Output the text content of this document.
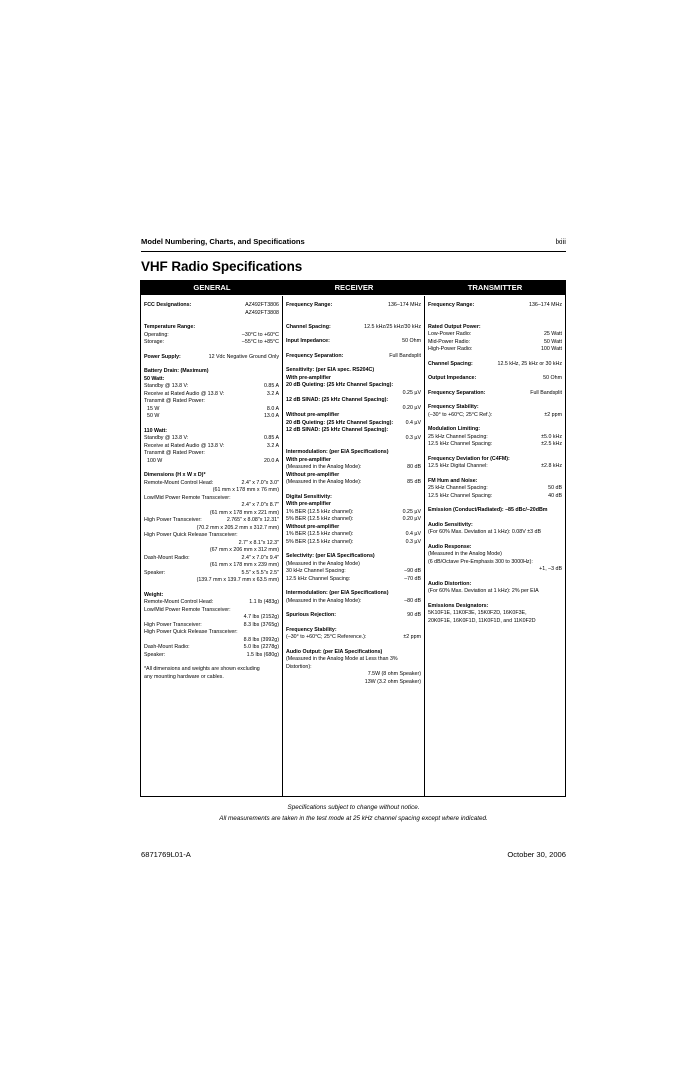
Model Numbering, Charts, and Specifications	lxiii
VHF Radio Specifications
GENERAL	RECEIVER	TRANSMITTER
FCC Designations:	AZ492FT3806

AZ492FT3808
Temperature Range:
Operating:	–30°C to +60°C
Storage:	–55°C to +85°C
Power Supply:	12 Vdc Negative Ground Only
Battery Drain: (Maximum)
50 Watt:
Standby @ 13.8 V:	0.85 A
Receive at Rated Audio @ 13.8 V:	3.2 A
Transmit @ Rated Power:
15 W	8.0 A
50 W	13.0 A
110 Watt:
Standby @ 13.8 V:	0.85 A
Receive at Rated Audio @ 13.8 V:	3.2 A
Transmit @ Rated Power:
100 W	20.0 A
Dimensions (H x W x D)*
Remote-Mount Control Head:	2.4" x 7.0"x 3.0"

(61 mm x 178 mm x 76 mm)
Low/Mid Power Remote Transceiver:

2.4" x 7.0"x 8.7"

(61 mm x 178 mm x 221 mm)
High Power Transceiver:	2.765" x 8.08"x 12.31"

(70.2 mm x 205.2 mm x 312.7 mm)
High Power Quick Release Transceiver:

2.7" x 8.1"x 12.3"

(67 mm x 206 mm x 312 mm)
Dash-Mount Radio:	2.4" x 7.0"x 9.4"

(61 mm x 178 mm x 239 mm)
Speaker:	5.5" x 5.5"x 2.5"

(139.7 mm x 139.7 mm x 63.5 mm)
Weight:
Remote-Mount Control Head:	1.1 lb (483g)
Low/Mid Power Remote Transceiver:

4.7 lbs (2152g)
High Power Transceiver:	8.3 lbs (3765g)
High Power Quick Release Transceiver:

8.8 lbs (3992g)
Dash-Mount Radio:	5.0 lbs (2278g)
Speaker:	1.5 lbs (680g)
*All dimensions and weights are shown excluding
any mounting hardware or cables.
Frequency Range:	136–174 MHz
Channel Spacing:	12.5 kHz/25 kHz/30 kHz
Input Impedance:	50 Ohm
Frequency Separation:	Full Bandsplit
Sensitivity: (per EIA spec. RS204C)
With pre-amplifier
20 dB Quieting: (25 kHz Channel Spacing):

0.25 µV
12 dB SINAD: (25 kHz Channel Spacing):

0.20 µV
Without pre-amplifier
20 dB Quieting: (25 kHz Channel Spacing):	0.4 µV
12 dB SINAD: (25 kHz Channel Spacing):

0.3 µV
Intermodulation: (per EIA Specifications)
With pre-amplifier
(Measured in the Analog Mode):	80 dB
Without pre-amplifier
(Measured in the Analog Mode):	85 dB
Digital Sensitivity:
With pre-amplifier
1% BER (12.5 kHz channel):	0.25 µV
5% BER (12.5 kHz channel):	0.20 µV
Without pre-amplifier
1% BER (12.5 kHz channel):	0.4 µV
5% BER (12.5 kHz channel):	0.3 µV
Selectivity: (per EIA Specifications)
(Measured in the Analog Mode)
30 kHz Channel Spacing:	–90 dB
12.5 kHz Channel Spacing:	–70 dB
Intermodulation: (per EIA Specifications)
(Measured in the Analog Mode):	–80 dB
Spurious Rejection:	90 dB
Frequency Stability:
(–30° to +60°C; 25°C Reference.):	±2 ppm
Audio Output: (per EIA Specifications)
(Measured in the Analog Mode at Less than 3%
Distortion):

7.5W (8 ohm Speaker)

13W (3.2 ohm Speaker)
Frequency Range:	136–174 MHz
Rated Output Power:
Low-Power Radio:	25 Watt
Mid-Power Radio:	50 Watt
High-Power Radio:	100 Watt
Channel Spacing:	12.5 kHz, 25 kHz or 30 kHz
Output Impedance:	50 Ohm
Frequency Separation:	Full Bandsplit
Frequency Stability:
(–30° to +60°C; 25°C Ref.):	±2 ppm
Modulation Limiting:
25 kHz Channel Spacing:	±5.0 kHz
12.5 kHz Channel Spacing:	±2.5 kHz
Frequency Deviation for (C4FM):
12.5 kHz Digital Channel:	±2.8 kHz
FM Hum and Noise:
25 kHz Channel Spacing:	50 dB
12.5 kHz Channel Spacing:	40 dB
Emission (Conduct/Radiated): –85 dBc/–20dBm
Audio Sensitivity:
(For 60% Max. Deviation at 1 kHz): 0.08V ±3 dB
Audio Response:
(Measured in the Analog Mode)
(6 dB/Octave Pre-Emphasis 300 to 3000Hz):

+1, –3 dB
Audio Distortion:
(For 60% Max. Deviation at 1 kHz): 2% per EIA
Emissions Designators:
5K10F1E, 11K0F3E, 15K0F2D, 16K0F3E,
20K0F1E, 16K0F1D, 11K0F1D, and 11K0F2D
Specifications subject to change without notice.
All measurements are taken in the test mode at 25 kHz channel spacing except where indicated.
6871769L01-A	October 30, 2006
